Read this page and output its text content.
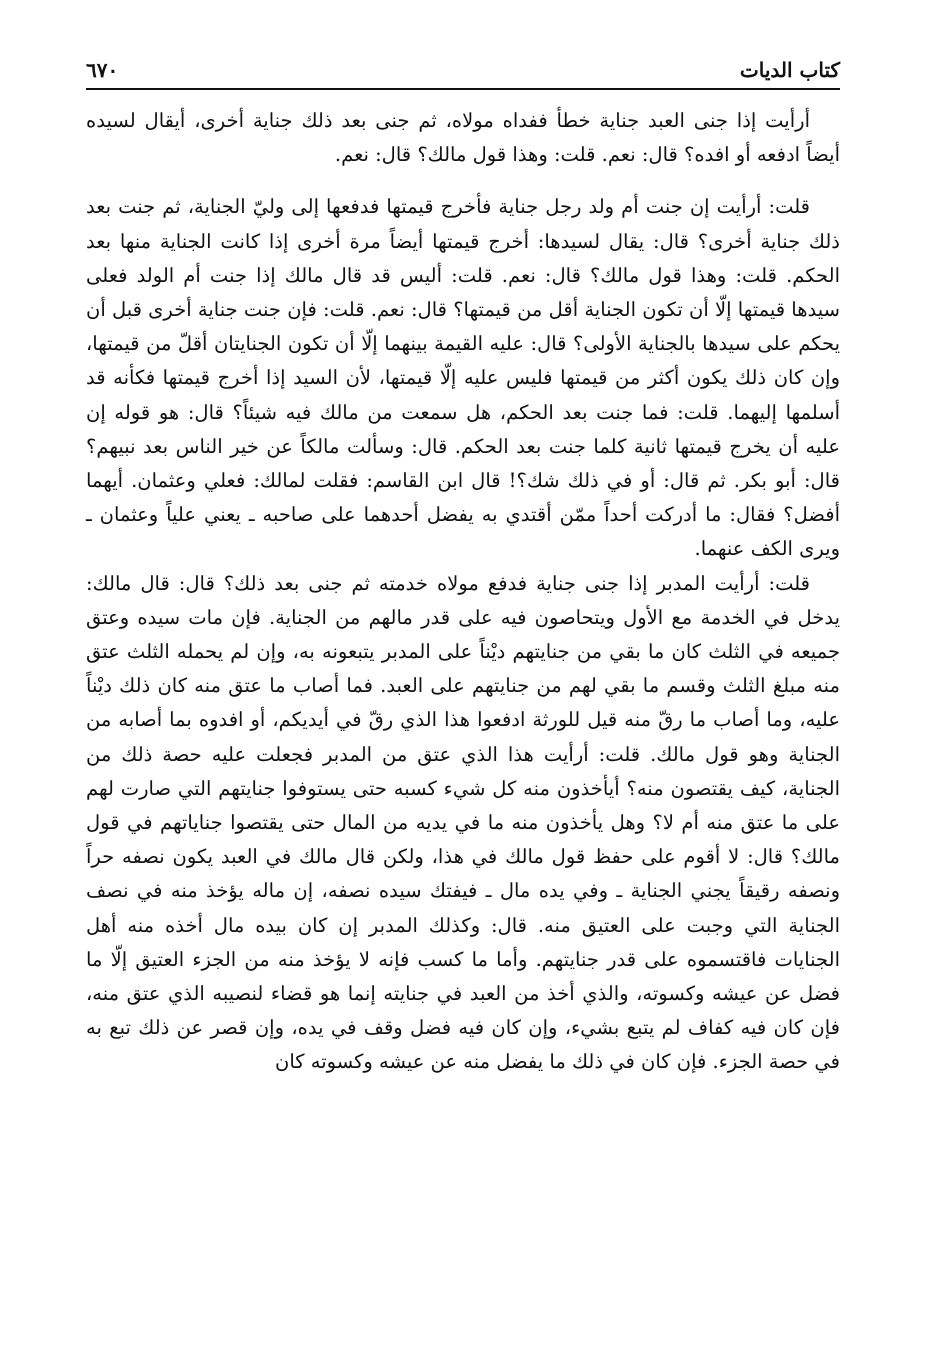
كتاب الديات
٦٧٠

أرأيت إذا جنى العبد جناية خطأ ففداه مولاه، ثم جنى بعد ذلك جناية أخرى، أيقال لسيده أيضاً ادفعه أو افده؟ قال: نعم. قلت: وهذا قول مالك؟ قال: نعم.

قلت: أرأيت إن جنت أم ولد رجل جناية فأخرج قيمتها فدفعها إلى وليّ الجناية، ثم جنت بعد ذلك جناية أخرى؟ قال: يقال لسيدها: أخرج قيمتها أيضاً مرة أخرى إذا كانت الجناية منها بعد الحكم. قلت: وهذا قول مالك؟ قال: نعم. قلت: أليس قد قال مالك إذا جنت أم الولد فعلى سيدها قيمتها إلّا أن تكون الجناية أقل من قيمتها؟ قال: نعم. قلت: فإن جنت جناية أخرى قبل أن يحكم على سيدها بالجناية الأولى؟ قال: عليه القيمة بينهما إلّا أن تكون الجنايتان أقلّ من قيمتها، وإن كان ذلك يكون أكثر من قيمتها فليس عليه إلّا قيمتها، لأن السيد إذا أخرج قيمتها فكأنه قد أسلمها إليهما. قلت: فما جنت بعد الحكم، هل سمعت من مالك فيه شيئاً؟ قال: هو قوله إن عليه أن يخرج قيمتها ثانية كلما جنت بعد الحكم. قال: وسألت مالكاً عن خير الناس بعد نبيهم؟ قال: أبو بكر. ثم قال: أو في ذلك شك؟! قال ابن القاسم: فقلت لمالك: فعلي وعثمان. أيهما أفضل؟ فقال: ما أدركت أحداً ممّن أقتدي به يفضل أحدهما على صاحبه ـ يعني علياً وعثمان ـ ويرى الكف عنهما.

قلت: أرأيت المدبر إذا جنى جناية فدفع مولاه خدمته ثم جنى بعد ذلك؟ قال: قال مالك: يدخل في الخدمة مع الأول ويتحاصون فيه على قدر مالهم من الجناية. فإن مات سيده وعتق جميعه في الثلث كان ما بقي من جنايتهم ديْناً على المدبر يتبعونه به، وإن لم يحمله الثلث عتق منه مبلغ الثلث وقسم ما بقي لهم من جنايتهم على العبد. فما أصاب ما عتق منه كان ذلك ديْناً عليه، وما أصاب ما رقّ منه قيل للورثة ادفعوا هذا الذي رقّ في أيديكم، أو افدوه بما أصابه من الجناية وهو قول مالك. قلت: أرأيت هذا الذي عتق من المدبر فجعلت عليه حصة ذلك من الجناية، كيف يقتصون منه؟ أيأخذون منه كل شيء كسبه حتى يستوفوا جنايتهم التي صارت لهم على ما عتق منه أم لا؟ وهل يأخذون منه ما في يديه من المال حتى يقتصوا جناياتهم في قول مالك؟ قال: لا أقوم على حفظ قول مالك في هذا، ولكن قال مالك في العبد يكون نصفه حراً ونصفه رقيقاً يجني الجناية ـ وفي يده مال ـ فيفتك سيده نصفه، إن ماله يؤخذ منه في نصف الجناية التي وجبت على العتيق منه. قال: وكذلك المدبر إن كان بيده مال أخذه منه أهل الجنايات فاقتسموه على قدر جنايتهم. وأما ما كسب فإنه لا يؤخذ منه من الجزء العتيق إلّا ما فضل عن عيشه وكسوته، والذي أخذ من العبد في جنايته إنما هو قضاء لنصيبه الذي عتق منه، فإن كان فيه كفاف لم يتبع بشيء، وإن كان فيه فضل وقف في يده، وإن قصر عن ذلك تبع به في حصة الجزء. فإن كان في ذلك ما يفضل منه عن عيشه وكسوته كان
